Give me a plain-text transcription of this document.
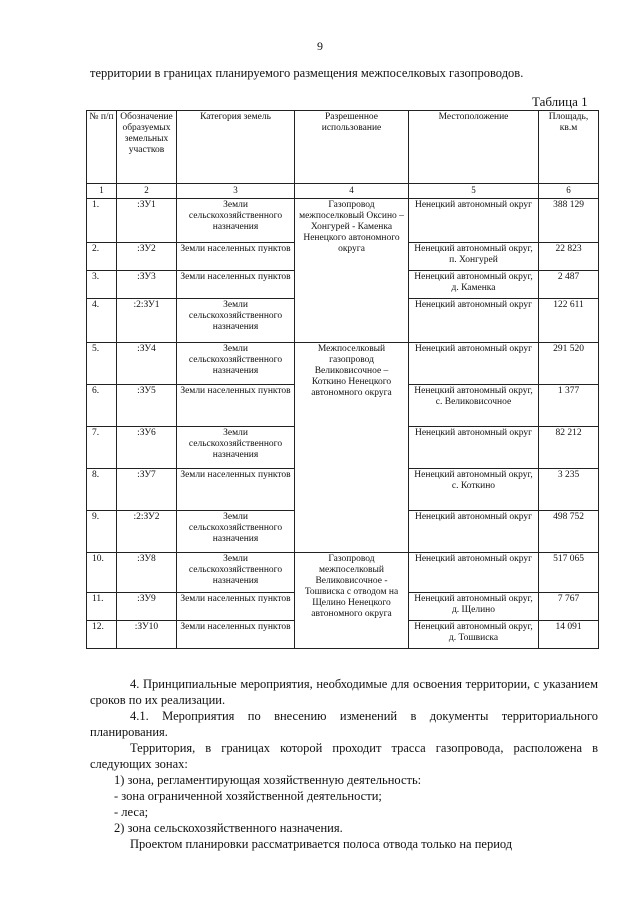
9
территории в границах планируемого размещения межпоселковых газопроводов.
Таблица 1
№ п/п	Обозначение образуемых земельных участков	Категория земель	Разрешенное использование	Местоположение	Площадь, кв.м
1	2	3	4	5	6
1.	:ЗУ1	Земли сельскохозяйственного назначения	Газопровод межпоселковый Оксино – Хонгурей - Каменка Ненецкого автономного округа	Ненецкий автономный округ	388 129
2.	:ЗУ2	Земли населенных пунктов		Ненецкий автономный округ, п. Хонгурей	22 823
3.	:ЗУ3	Земли населенных пунктов		Ненецкий автономный округ, д. Каменка	2 487
4.	:2:ЗУ1	Земли сельскохозяйственного назначения		Ненецкий автономный округ	122 611
5.	:ЗУ4	Земли сельскохозяйственного назначения	Межпоселковый газопровод Великовисочное – Коткино Ненецкого автономного округа	Ненецкий автономный округ	291 520
6.	:ЗУ5	Земли населенных пунктов		Ненецкий автономный округ, с. Великовисочное	1 377
7.	:ЗУ6	Земли сельскохозяйственного назначения		Ненецкий автономный округ	82 212
8.	:ЗУ7	Земли населенных пунктов		Ненецкий автономный округ, с. Коткино	3 235
9.	:2:ЗУ2	Земли сельскохозяйственного назначения		Ненецкий автономный округ	498 752
10.	:ЗУ8	Земли сельскохозяйственного назначения	Газопровод межпоселковый Великовисочное - Тошвиска с отводом на Щелино Ненецкого автономного округа	Ненецкий автономный округ	517 065
11.	:ЗУ9	Земли населенных пунктов		Ненецкий автономный округ, д. Щелино	7 767
12.	:ЗУ10	Земли населенных пунктов		Ненецкий автономный округ, д. Тошвиска	14 091

4. Принципиальные мероприятия, необходимые для освоения территории, с указанием сроков по их реализации.

4.1. Мероприятия по внесению изменений в документы территориального планирования.

Территория, в границах которой проходит трасса газопровода, расположена в следующих зонах:

1) зона, регламентирующая хозяйственную деятельность:

- зона ограниченной хозяйственной деятельности;

- леса;

2) зона сельскохозяйственного назначения.

Проектом планировки рассматривается полоса отвода только на период
